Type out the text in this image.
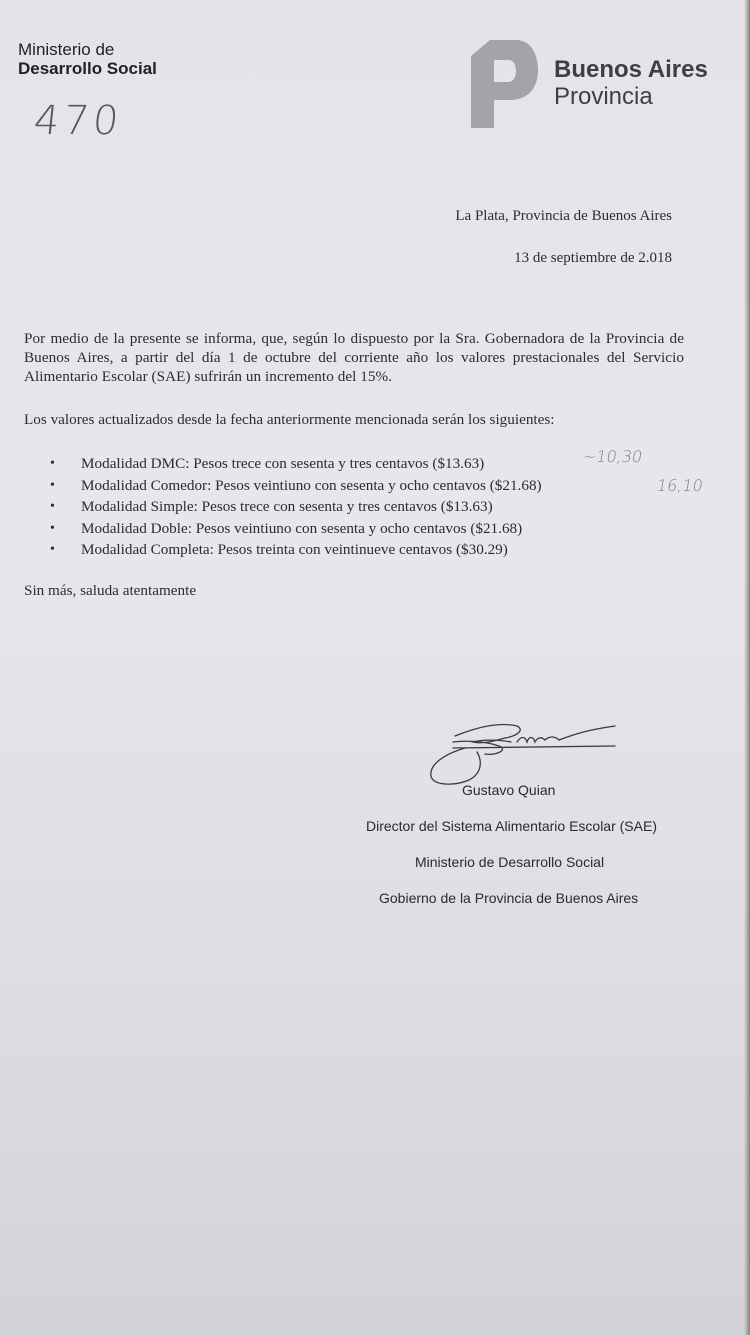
Ministerio de
Desarrollo Social
470
Buenos Aires
Provincia
La Plata, Provincia de Buenos Aires
13 de septiembre de 2.018
Por medio de la presente se informa, que, según lo dispuesto por la Sra. Gobernadora de la Provincia de Buenos Aires, a partir del día 1 de octubre del corriente año los valores prestacionales del Servicio Alimentario Escolar (SAE) sufrirán un incremento del 15%.
Los valores actualizados desde la fecha anteriormente mencionada serán los siguientes:
• Modalidad DMC: Pesos trece con sesenta y tres centavos ($13.63)
• Modalidad Comedor: Pesos veintiuno con sesenta y ocho centavos ($21.68)
• Modalidad Simple: Pesos trece con sesenta y tres centavos ($13.63)
• Modalidad Doble: Pesos veintiuno con sesenta y ocho centavos ($21.68)
• Modalidad Completa: Pesos treinta con veintinueve centavos ($30.29)
~10,30
16,10
Sin más, saluda atentamente
Gustavo Quian
Director del Sistema Alimentario Escolar (SAE)
Ministerio de Desarrollo Social
Gobierno de la Provincia de Buenos Aires
